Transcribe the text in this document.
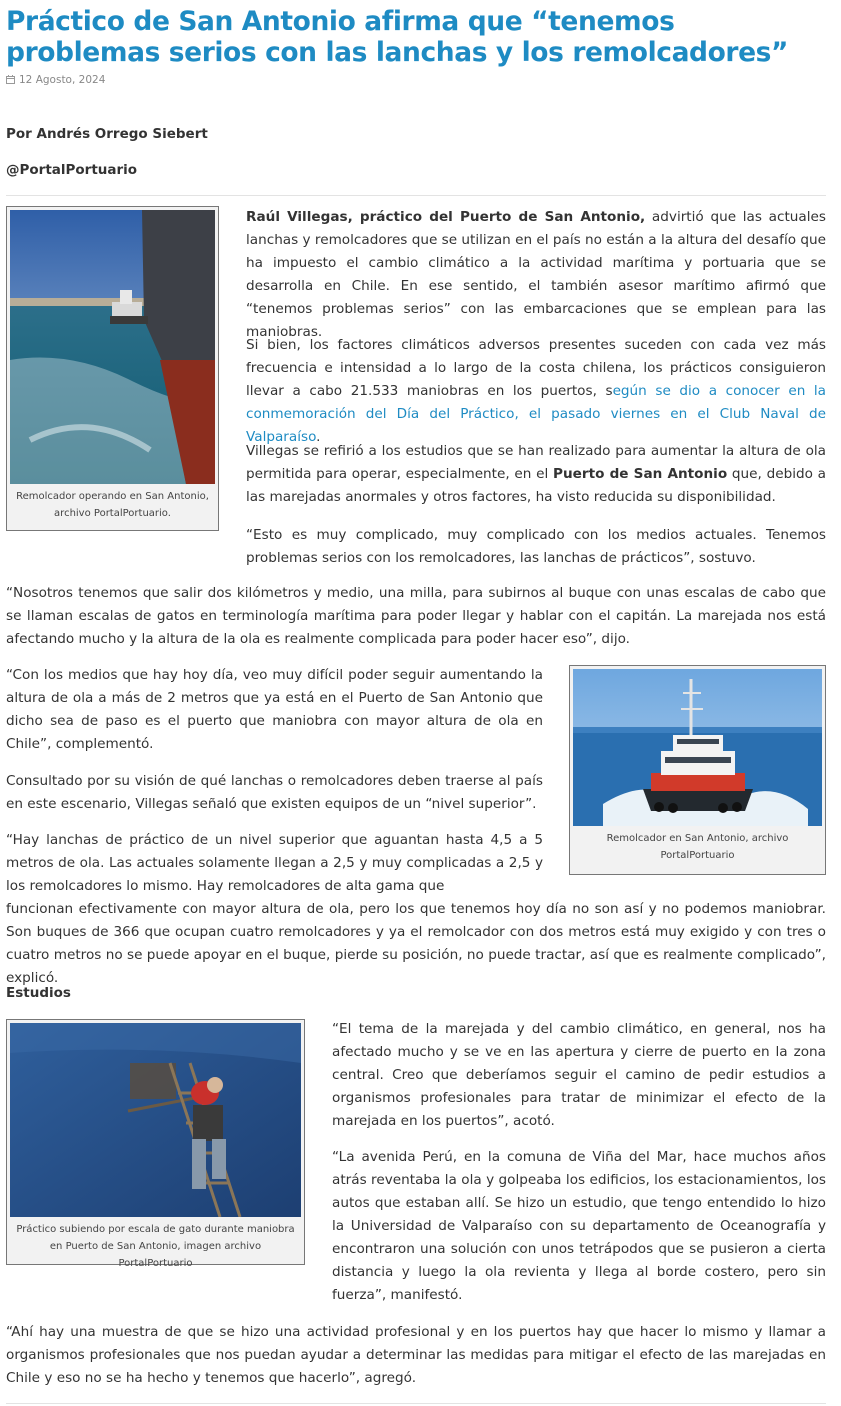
Práctico de San Antonio afirma que “tenemos problemas serios con las lanchas y los remolcadores”
12 Agosto, 2024
Por Andrés Orrego Siebert
@PortalPortuario
Remolcador operando en San Antonio, archivo PortalPortuario.

Raúl Villegas, práctico del Puerto de San Antonio, advirtió que las actuales lanchas y remolcadores que se utilizan en el país no están a la altura del desafío que ha impuesto el cambio climático a la actividad marítima y portuaria que se desarrolla en Chile. En ese sentido, el también asesor marítimo afirmó que “tenemos problemas serios” con las embarcaciones que se emplean para las maniobras.

Si bien, los factores climáticos adversos presentes suceden con cada vez más frecuencia e intensidad a lo largo de la costa chilena, los prácticos consiguieron llevar a cabo 21.533 maniobras en los puertos, según se dio a conocer en la conmemoración del Día del Práctico, el pasado viernes en el Club Naval de Valparaíso.

Villegas se refirió a los estudios que se han realizado para aumentar la altura de ola permitida para operar, especialmente, en el Puerto de San Antonio que, debido a las marejadas anormales y otros factores, ha visto reducida su disponibilidad.

“Esto es muy complicado, muy complicado con los medios actuales. Tenemos problemas serios con los remolcadores, las lanchas de prácticos”, sostuvo.

“Nosotros tenemos que salir dos kilómetros y medio, una milla, para subirnos al buque con unas escalas de cabo que se llaman escalas de gatos en terminología marítima para poder llegar y hablar con el capitán. La marejada nos está afectando mucho y la altura de la ola es realmente complicada para poder hacer eso”, dijo.

Remolcador en San Antonio, archivo PortalPortuario

“Con los medios que hay hoy día, veo muy difícil poder seguir aumentando la altura de ola a más de 2 metros que ya está en el Puerto de San Antonio que dicho sea de paso es el puerto que maniobra con mayor altura de ola en Chile”, complementó.

Consultado por su visión de qué lanchas o remolcadores deben traerse al país en este escenario, Villegas señaló que existen equipos de un “nivel superior”.

“Hay lanchas de práctico de un nivel superior que aguantan hasta 4,5 a 5 metros de ola. Las actuales solamente llegan a 2,5 y muy complicadas a 2,5 y los remolcadores lo mismo. Hay remolcadores de alta gama que

funcionan efectivamente con mayor altura de ola, pero los que tenemos hoy día no son así y no podemos maniobrar. Son buques de 366 que ocupan cuatro remolcadores y ya el remolcador con dos metros está muy exigido y con tres o cuatro metros no se puede apoyar en el buque, pierde su posición, no puede tractar, así que es realmente complicado”, explicó.

Estudios
Práctico subiendo por escala de gato durante maniobra en Puerto de San Antonio, imagen archivo PortalPortuario

“El tema de la marejada y del cambio climático, en general, nos ha afectado mucho y se ve en las apertura y cierre de puerto en la zona central. Creo que deberíamos seguir el camino de pedir estudios a organismos profesionales para tratar de minimizar el efecto de la marejada en los puertos”, acotó.

“La avenida Perú, en la comuna de Viña del Mar, hace muchos años atrás reventaba la ola y golpeaba los edificios, los estacionamientos, los autos que estaban allí. Se hizo un estudio, que tengo entendido lo hizo la Universidad de Valparaíso con su departamento de Oceanografía y encontraron una solución con unos tetrápodos que se pusieron a cierta distancia y luego la ola revienta y llega al borde costero, pero sin fuerza”, manifestó.

“Ahí hay una muestra de que se hizo una actividad profesional y en los puertos hay que hacer lo mismo y llamar a organismos profesionales que nos puedan ayudar a determinar las medidas para mitigar el efecto de las marejadas en Chile y eso no se ha hecho y tenemos que hacerlo”, agregó.
